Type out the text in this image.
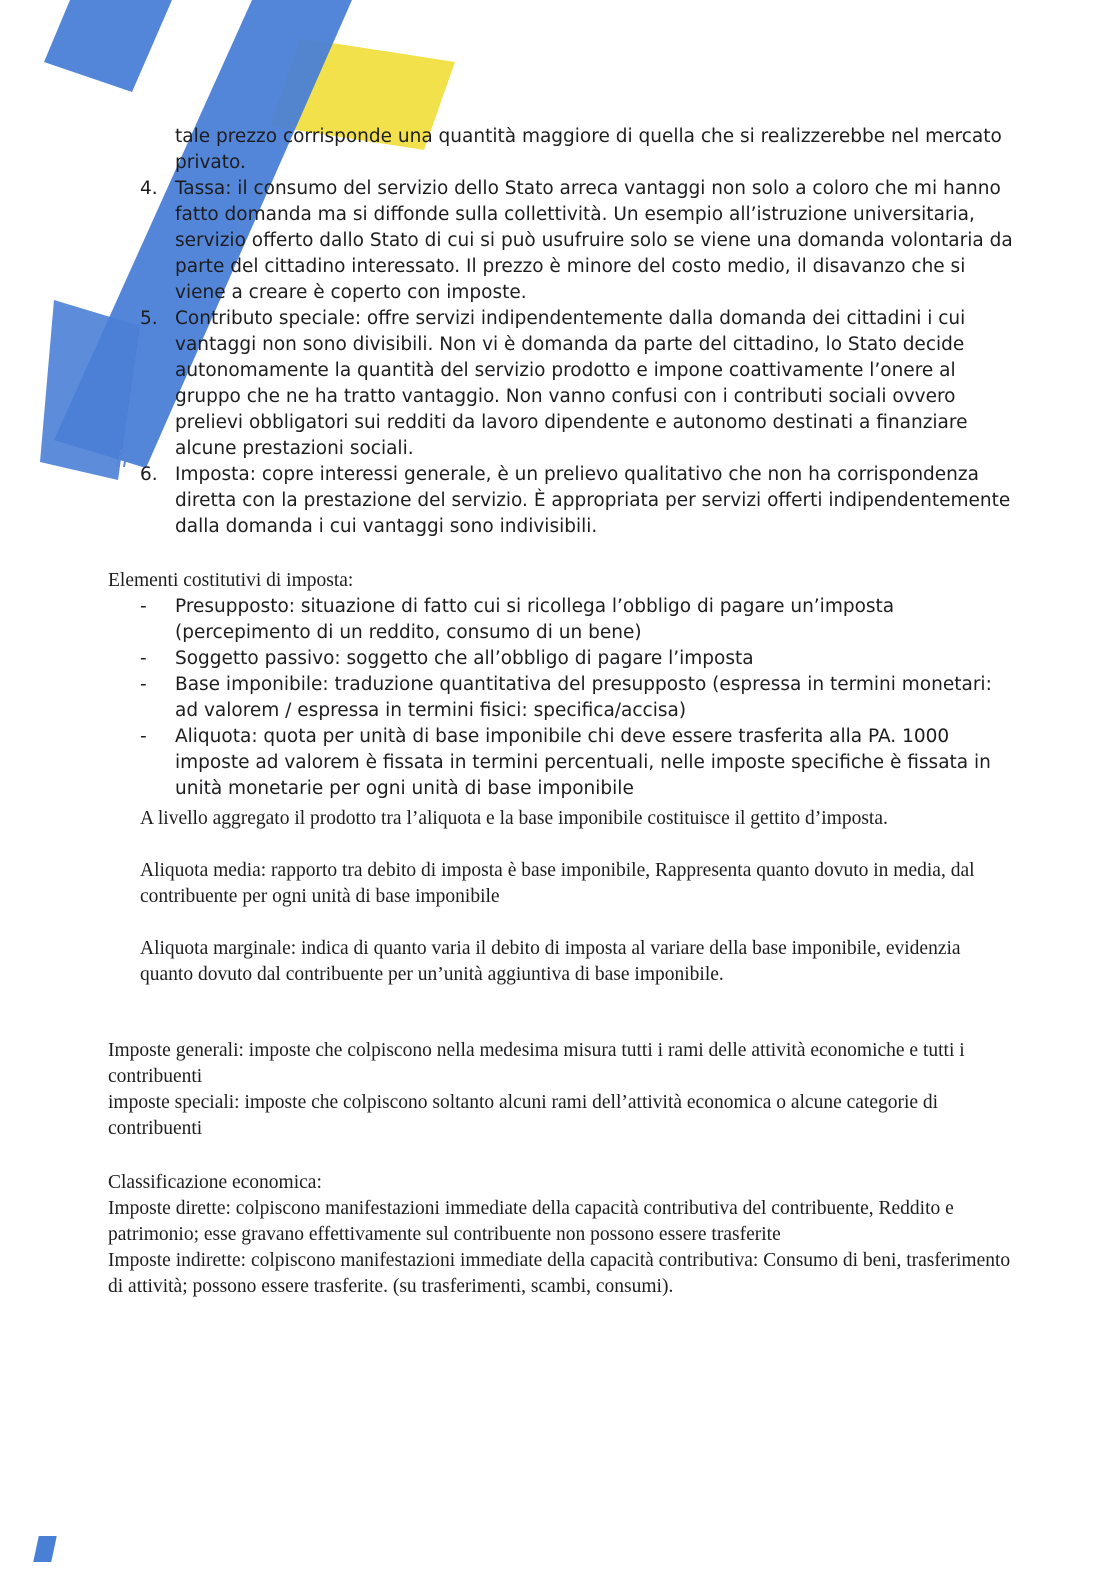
il

tale prezzo corrisponde una quantità maggiore di quella che si realizzerebbe nel mercato privato.

4. Tassa: il consumo del servizio dello Stato arreca vantaggi non solo a coloro che mi hanno fatto domanda ma si diffonde sulla collettività. Un esempio all’istruzione universitaria, servizio offerto dallo Stato di cui si può usufruire solo se viene una domanda volontaria da parte del cittadino interessato. Il prezzo è minore del costo medio, il disavanzo che si viene a creare è coperto con imposte.
5. Contributo speciale: offre servizi indipendentemente dalla domanda dei cittadini i cui vantaggi non sono divisibili. Non vi è domanda da parte del cittadino, lo Stato decide autonomamente la quantità del servizio prodotto e impone coattivamente l’onere al gruppo che ne ha tratto vantaggio. Non vanno confusi con i contributi sociali ovvero prelievi obbligatori sui redditi da lavoro dipendente e autonomo destinati a finanziare alcune prestazioni sociali.
6. Imposta: copre interessi generale, è un prelievo qualitativo che non ha corrispondenza diretta con la prestazione del servizio. È appropriata per servizi offerti indipendentemente dalla domanda i cui vantaggi sono indivisibili.

Elementi costitutivi di imposta:

-	Presupposto: situazione di fatto cui si ricollega l’obbligo di pagare un’imposta (percepimento di un reddito, consumo di un bene)
-	Soggetto passivo: soggetto che all’obbligo di pagare l’imposta
-	Base imponibile: traduzione quantitativa del presupposto (espressa in termini monetari: ad valorem / espressa in termini fisici: specifica/accisa)
-	Aliquota: quota per unità di base imponibile chi deve essere trasferita alla PA. 1000 imposte ad valorem è fissata in termini percentuali, nelle imposte specifiche è fissata in unità monetarie per ogni unità di base imponibile

A livello aggregato il prodotto tra l’aliquota e la base imponibile costituisce il gettito d’imposta.

Aliquota media: rapporto tra debito di imposta è base imponibile, Rappresenta quanto dovuto in media, dal contribuente per ogni unità di base imponibile

Aliquota marginale: indica di quanto varia il debito di imposta al variare della base imponibile, evidenzia quanto dovuto dal contribuente per un’unità aggiuntiva di base imponibile.

Imposte generali: imposte che colpiscono nella medesima misura tutti i rami delle attività economiche e tutti i contribuenti

imposte speciali: imposte che colpiscono soltanto alcuni rami dell’attività economica o alcune categorie di contribuenti

Classificazione economica:

Imposte dirette: colpiscono manifestazioni immediate della capacità contributiva del contribuente, Reddito e patrimonio; esse gravano effettivamente sul contribuente non possono essere trasferite

Imposte indirette: colpiscono manifestazioni immediate della capacità contributiva: Consumo di beni, trasferimento di attività; possono essere trasferite. (su trasferimenti, scambi, consumi).
